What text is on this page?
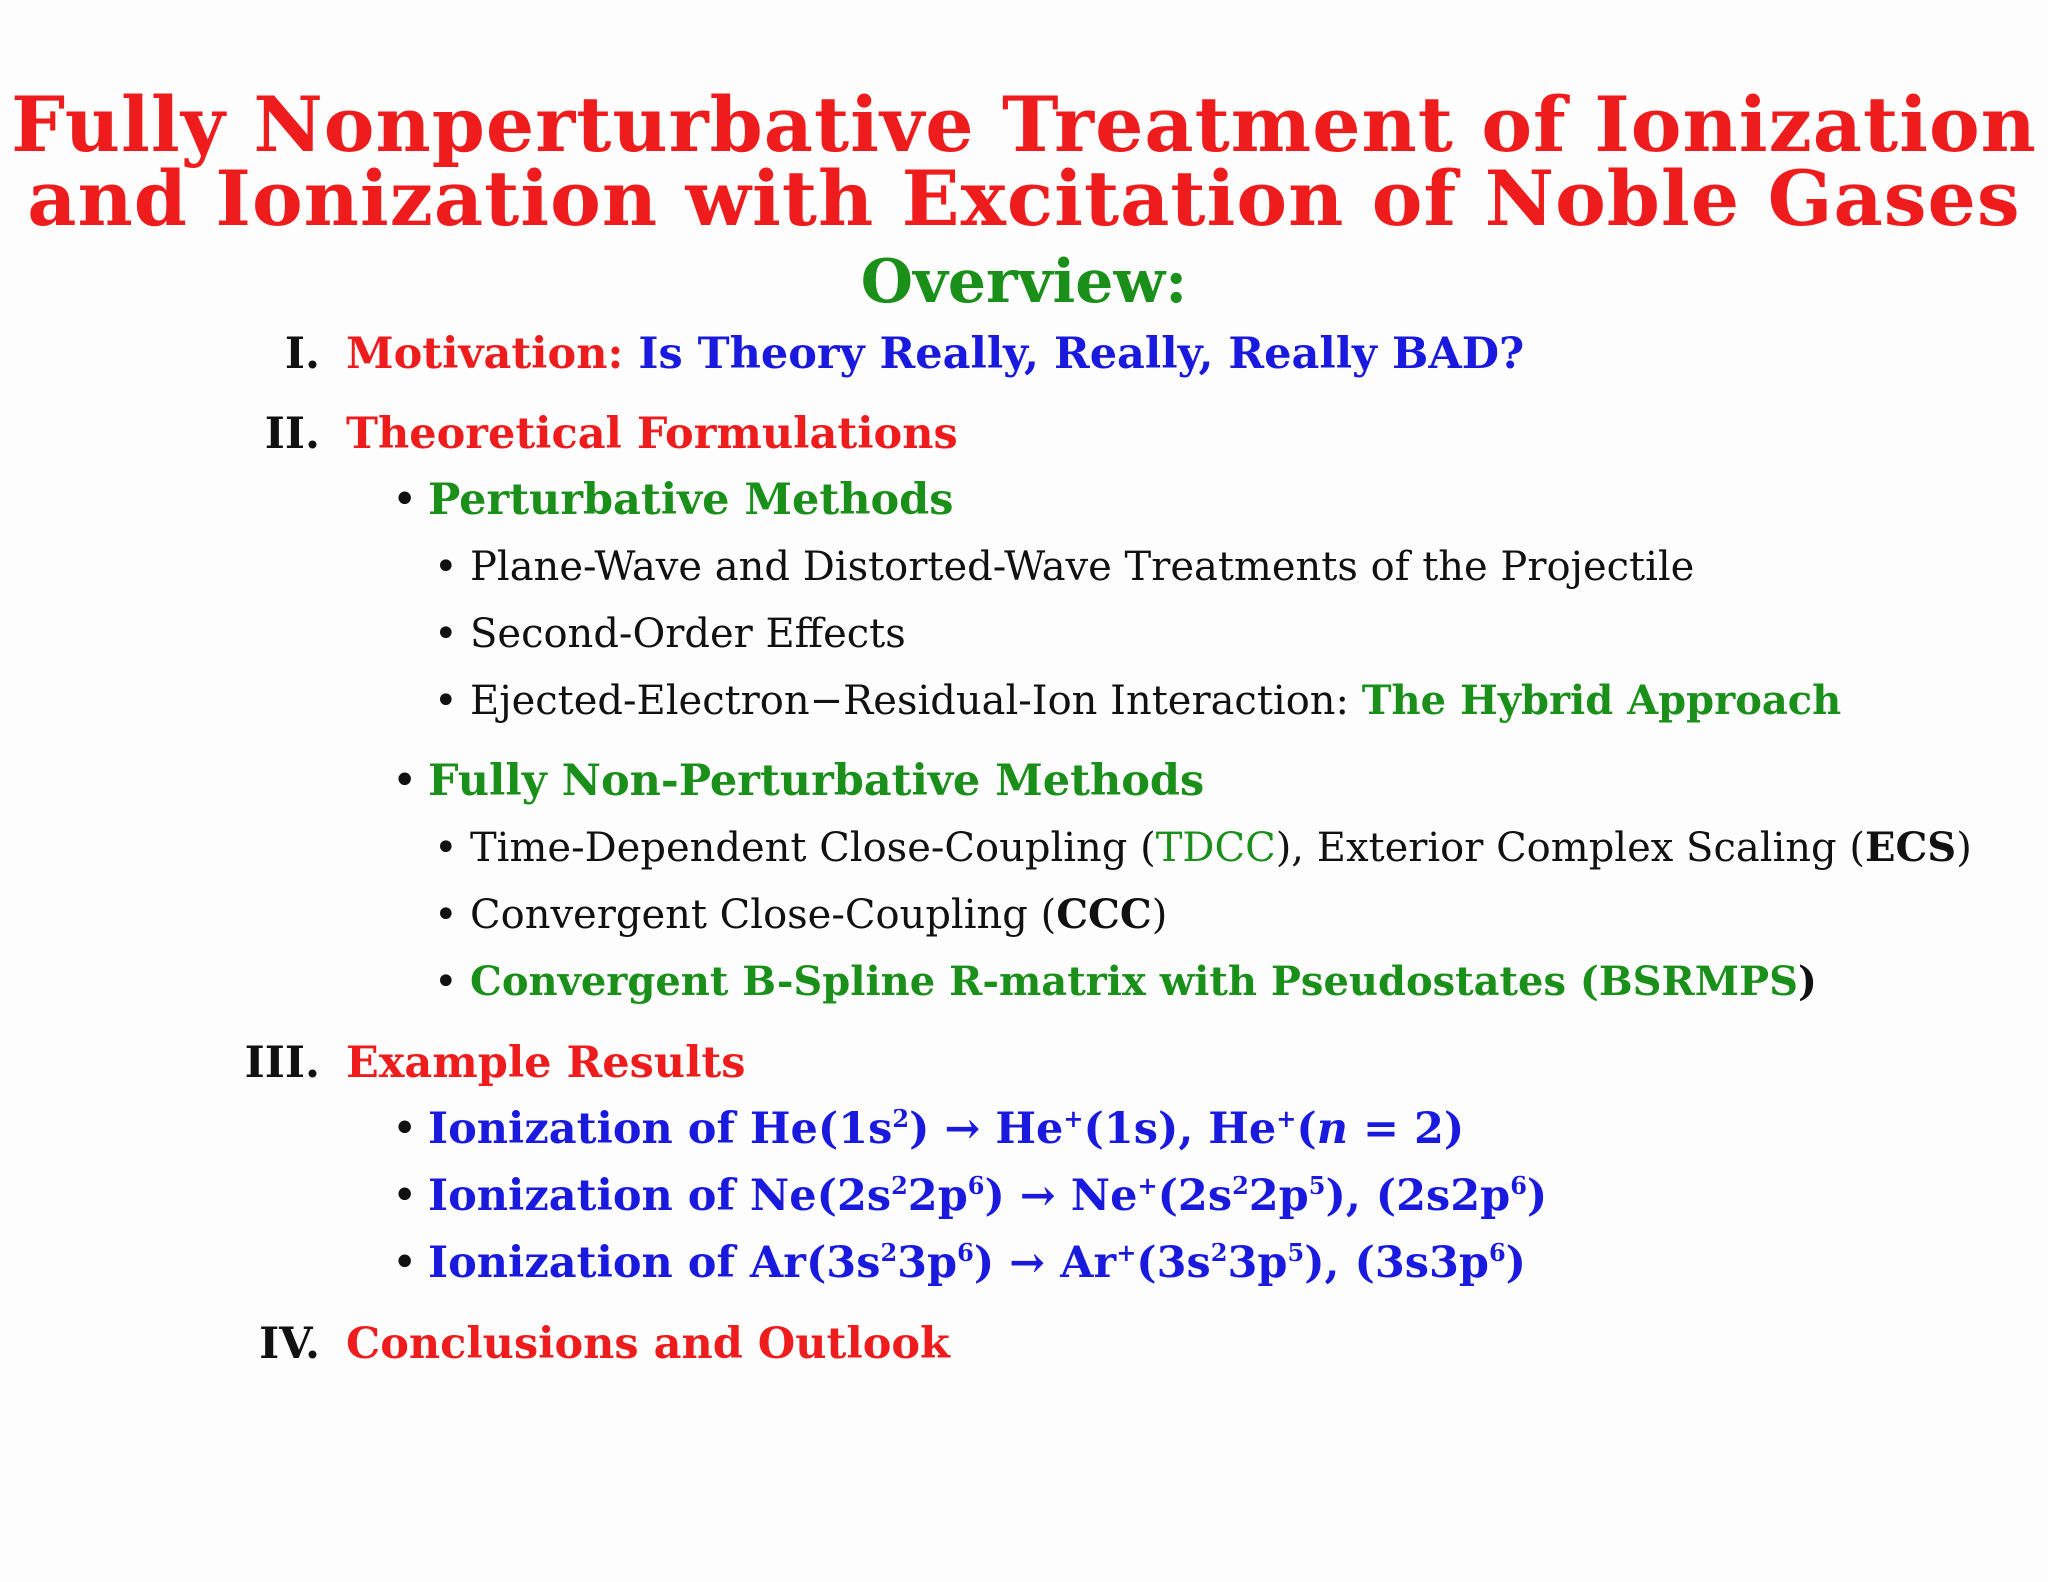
Fully Nonperturbative Treatment of Ionization
and Ionization with Excitation of Noble Gases
Overview:
I. Motivation: Is Theory Really, Really, Really BAD?
II. Theoretical Formulations
• Perturbative Methods
• Plane-Wave and Distorted-Wave Treatments of the Projectile
• Second-Order Effects
• Ejected-Electron−Residual-Ion Interaction: The Hybrid Approach
• Fully Non-Perturbative Methods
• Time-Dependent Close-Coupling (TDCC), Exterior Complex Scaling (ECS)
• Convergent Close-Coupling (CCC)
• Convergent B-Spline R-matrix with Pseudostates (BSRMPS)
III. Example Results
• Ionization of $He(1s^2) \to He^+(1s)$, He+(n = 2)
• Ionization of $Ne(2s^22p^6) \to Ne^+(2s^22p^5)$, $(2s2p^6)$
• Ionization of $Ar(3s^23p^6) \to Ar^+(3s^23p^5)$, $(3s3p^6)$
IV. Conclusions and Outlook
